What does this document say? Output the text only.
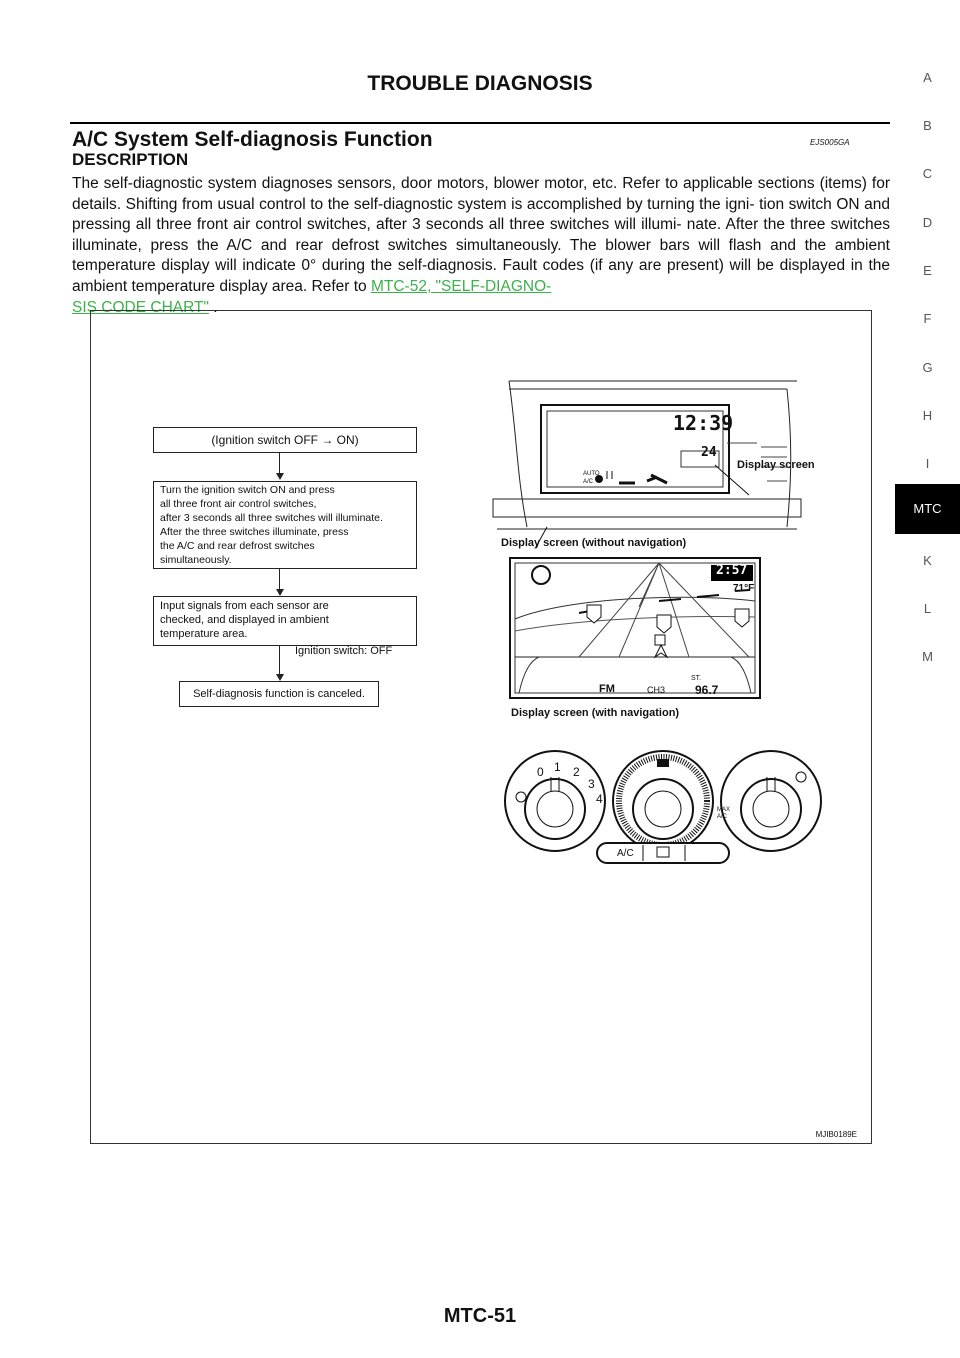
TROUBLE DIAGNOSIS
A/C System Self-diagnosis Function	EJS005GA
DESCRIPTION
The self-diagnostic system diagnoses sensors, door motors, blower motor, etc. Refer to applicable sections (items) for details. Shifting from usual control to the self-diagnostic system is accomplished by turning the igni- tion switch ON and pressing all three front air control switches, after 3 seconds all three switches will illumi- nate. After the three switches illuminate, press the A/C and rear defrost switches simultaneously. The blower bars will flash and the ambient temperature display will indicate 0° during the self-diagnosis. Fault codes (if any are present) will be displayed in the ambient temperature display area. Refer to MTC-52, "SELF-DIAGNO-
SIS CODE CHART" .
(Ignition switch OFF → ON)
Turn the ignition switch ON and press
all three front air control switches,
after 3 seconds all three switches will illuminate.
After the three switches illuminate, press
the A/C and rear defrost switches
simultaneously.
Input signals from each sensor are
checked, and displayed in ambient
temperature area.
Ignition switch: OFF
Self-diagnosis function is canceled.
12:39
24
AUTO
A/C
Display screen
Display screen (without navigation)
2:57
71°F
FM	CH3
ST.
96.7
Display screen (with navigation)
0 1 2
3
4
A/C
MAX A/C
MJIB0189E
A
B
C
D
E
F
G
H
I
MTC
K
L
M
MTC-51
